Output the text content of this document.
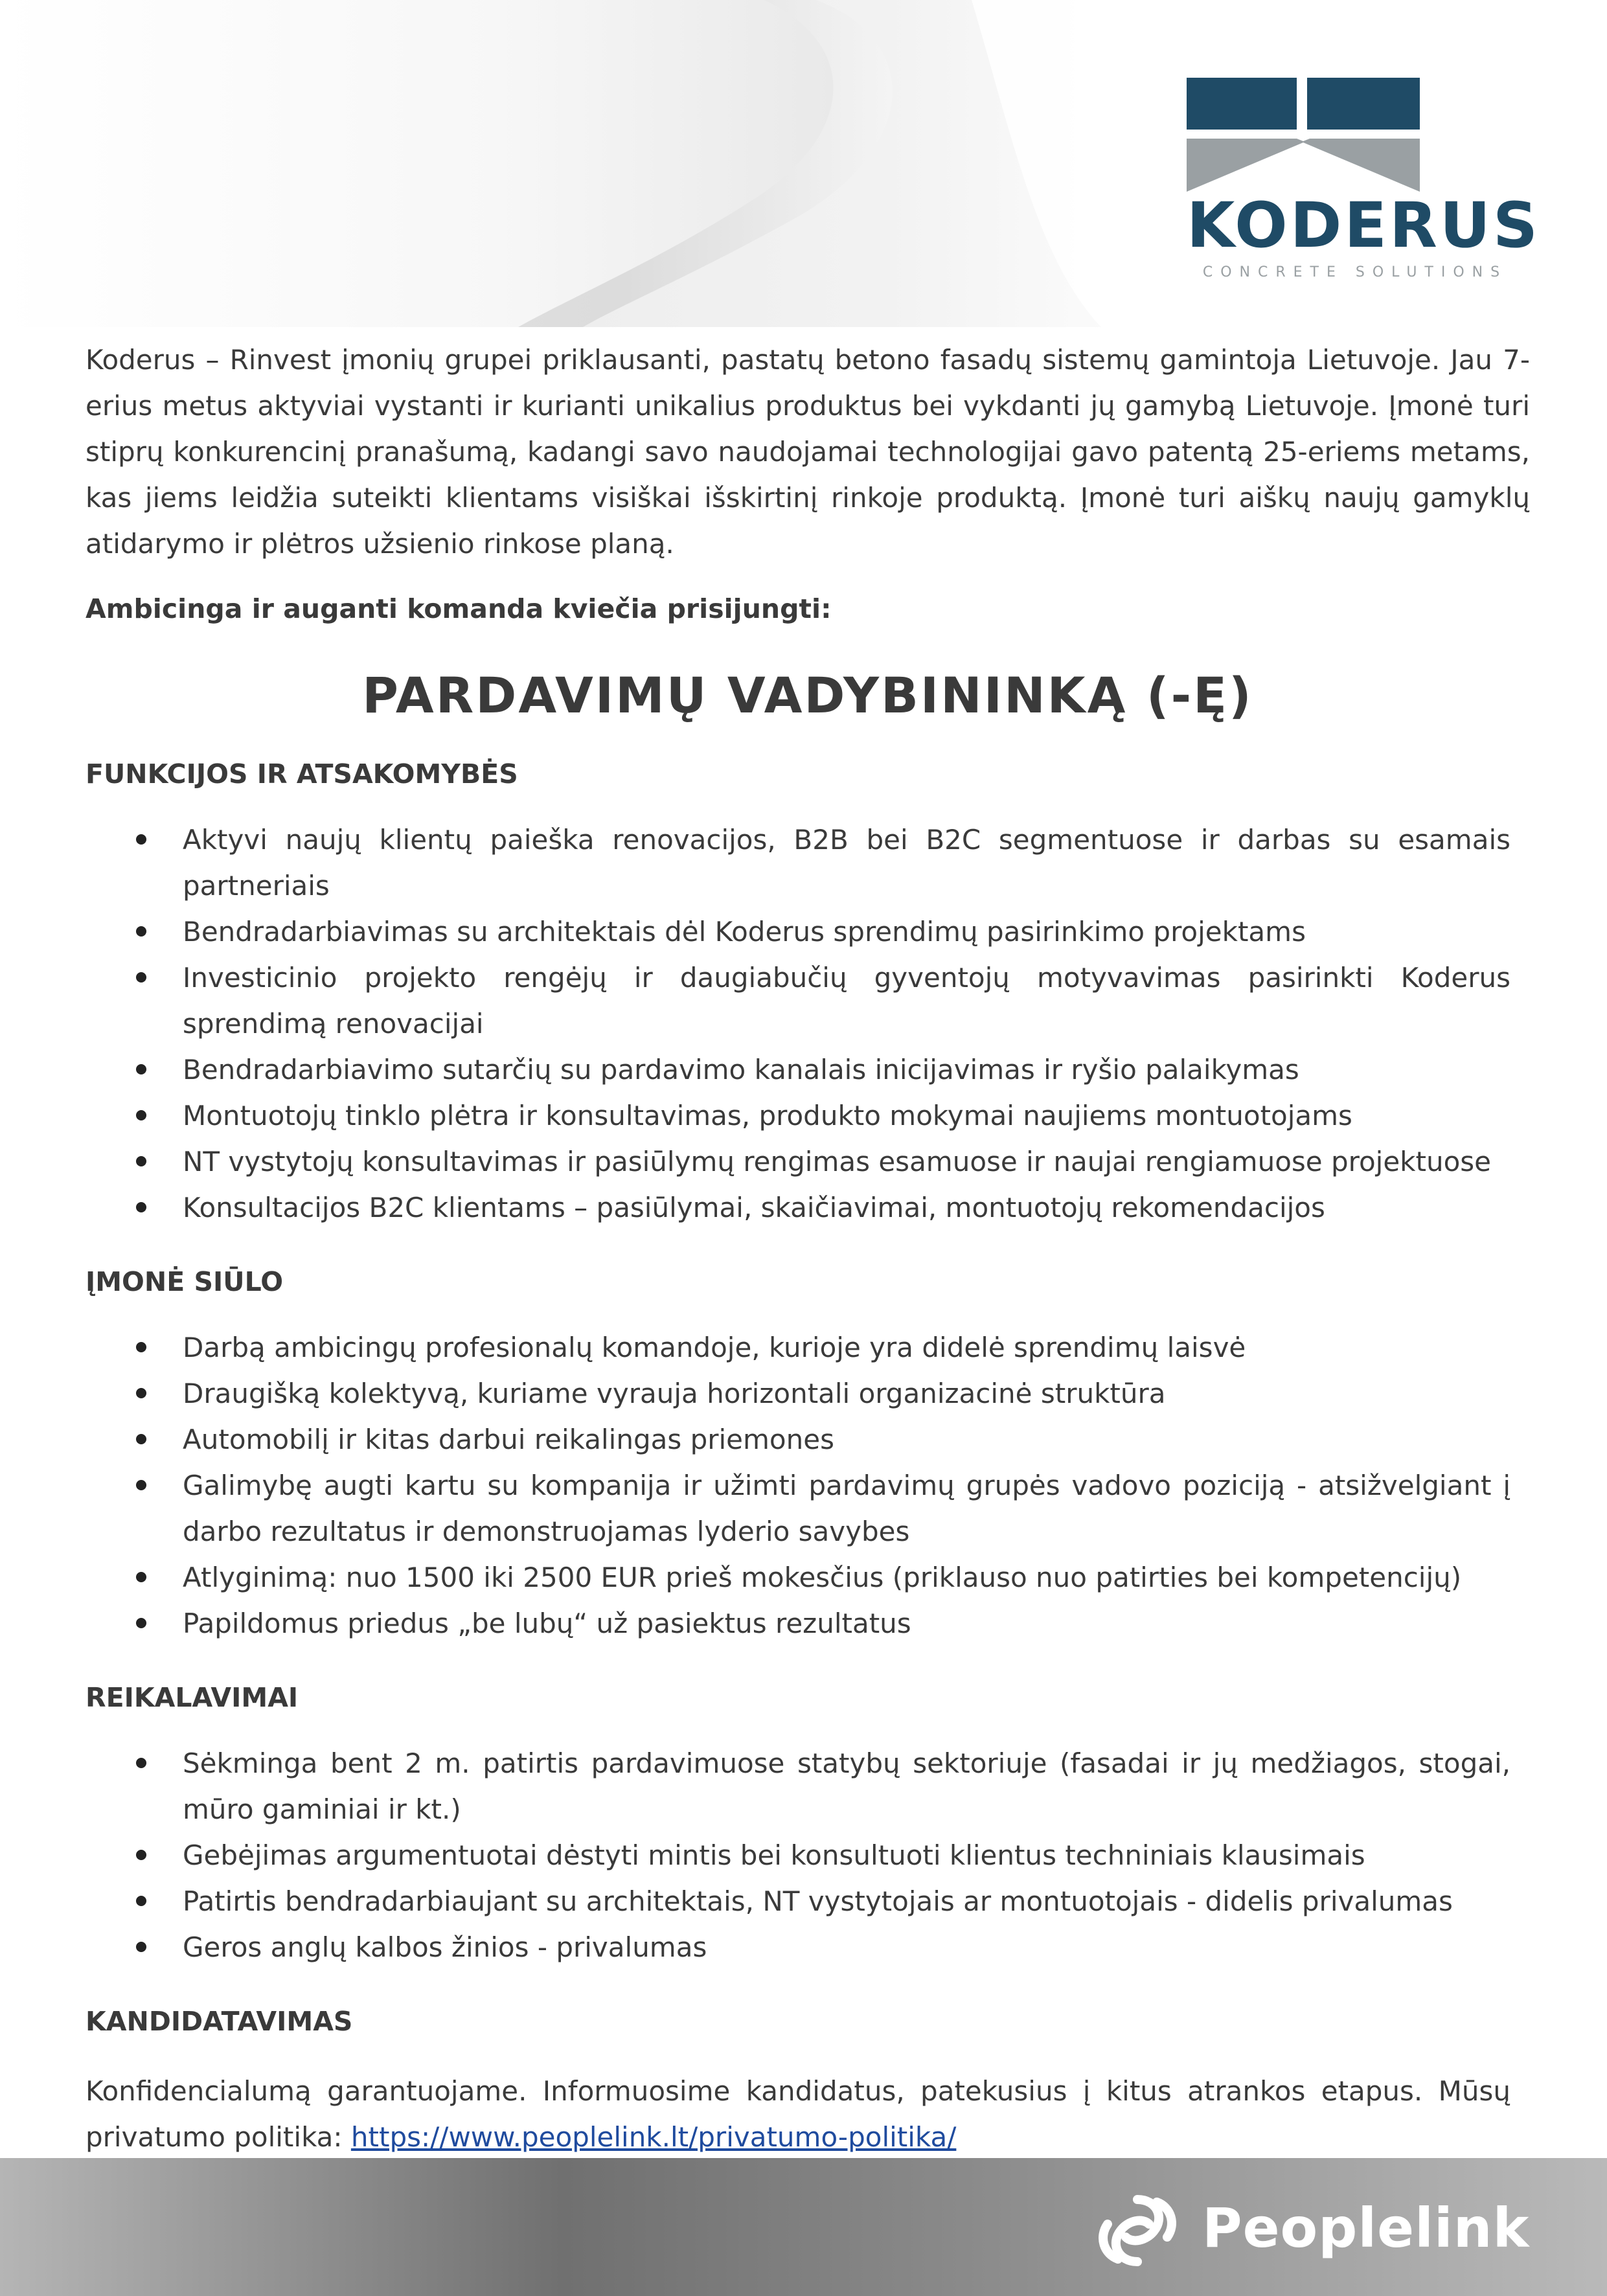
KODERUS
CONCRETE SOLUTIONS

Koderus – Rinvest įmonių grupei priklausanti, pastatų betono fasadų sistemų gamintoja Lietuvoje. Jau 7-erius metus aktyviai vystanti ir kurianti unikalius produktus bei vykdanti jų gamybą Lietuvoje. Įmonė turi stiprų konkurencinį pranašumą, kadangi savo naudojamai technologijai gavo patentą 25-eriems metams, kas jiems leidžia suteikti klientams visiškai išskirtinį rinkoje produktą. Įmonė turi aiškų naujų gamyklų atidarymo ir plėtros užsienio rinkose planą.

Ambicinga ir auganti komanda kviečia prisijungti:

PARDAVIMŲ VADYBININKĄ (-Ę)

FUNKCIJOS IR ATSAKOMYBĖS

Aktyvi naujų klientų paieška renovacijos, B2B bei B2C segmentuose ir darbas su esamais partneriais
Bendradarbiavimas su architektais dėl Koderus sprendimų pasirinkimo projektams
Investicinio projekto rengėjų ir daugiabučių gyventojų motyvavimas pasirinkti Koderus sprendimą renovacijai
Bendradarbiavimo sutarčių su pardavimo kanalais inicijavimas ir ryšio palaikymas
Montuotojų tinklo plėtra ir konsultavimas, produkto mokymai naujiems montuotojams
NT vystytojų konsultavimas ir pasiūlymų rengimas esamuose ir naujai rengiamuose projektuose
Konsultacijos B2C klientams – pasiūlymai, skaičiavimai, montuotojų rekomendacijos

ĮMONĖ SIŪLO

Darbą ambicingų profesionalų komandoje, kurioje yra didelė sprendimų laisvė
Draugišką kolektyvą, kuriame vyrauja horizontali organizacinė struktūra
Automobilį ir kitas darbui reikalingas priemones
Galimybę augti kartu su kompanija ir užimti pardavimų grupės vadovo poziciją - atsižvelgiant į darbo rezultatus ir demonstruojamas lyderio savybes
Atlyginimą: nuo 1500 iki 2500 EUR prieš mokesčius (priklauso nuo patirties bei kompetencijų)
Papildomus priedus „be lubų“ už pasiektus rezultatus

REIKALAVIMAI

Sėkminga bent 2 m. patirtis pardavimuose statybų sektoriuje (fasadai ir jų medžiagos, stogai, mūro gaminiai ir kt.)
Gebėjimas argumentuotai dėstyti mintis bei konsultuoti klientus techniniais klausimais
Patirtis bendradarbiaujant su architektais, NT vystytojais ar montuotojais - didelis privalumas
Geros anglų kalbos žinios - privalumas

KANDIDATAVIMAS

Konfidencialumą garantuojame. Informuosime kandidatus, patekusius į kitus atrankos etapus. Mūsų privatumo politika: https://www.peoplelink.lt/privatumo-politika/

Peoplelink
